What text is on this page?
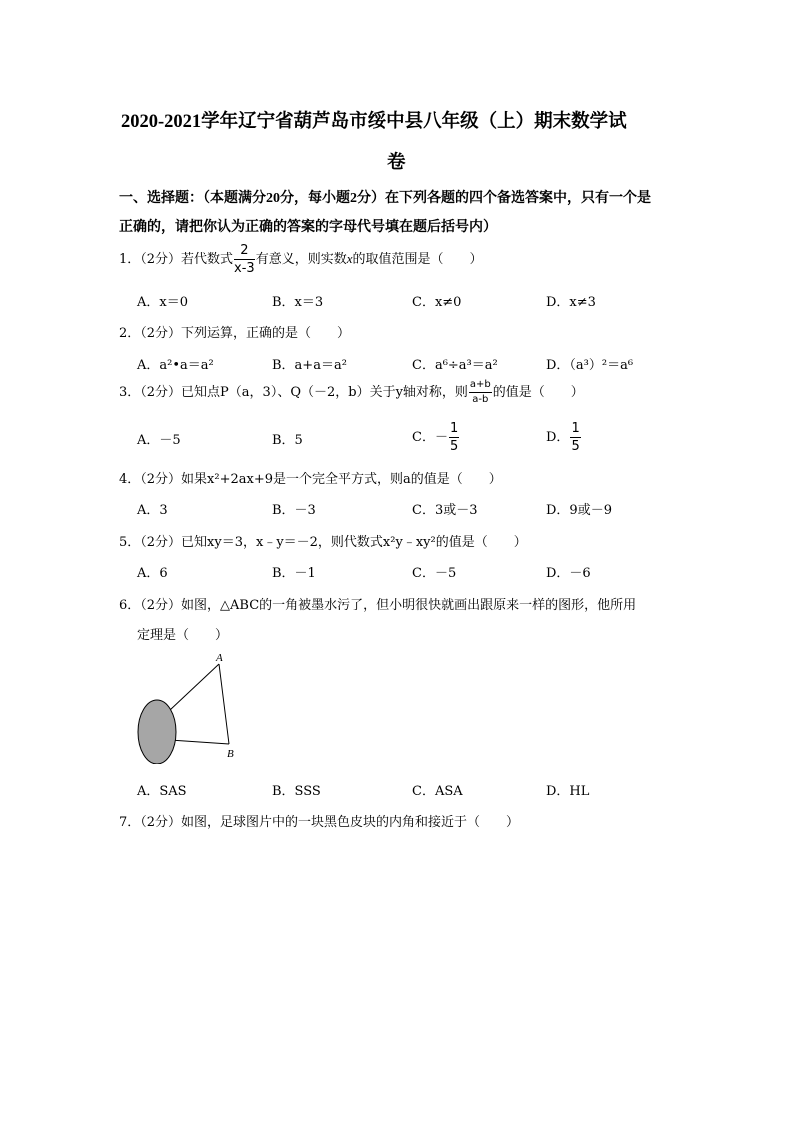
2020-2021学年辽宁省葫芦岛市绥中县八年级（上）期末数学试
卷
一、选择题：（本题满分20分，每小题2分）在下列各题的四个备选答案中，只有一个是
正确的，请把你认为正确的答案的字母代号填在题后括号内）
1．（2分）若代数式 $\frac{2}{x-3}$ 有意义，则实数x的取值范围是（　　）
A．x＝0	B．x＝3	C．x≠0	D．x≠3
2．（2分）下列运算，正确的是（　　）
A．a²•a＝a²	B．a+a＝a²	C．a⁶÷a³＝a²	D．（a³）²＝a⁶
3．（2分）已知点P（a，3）、Q（－2，b）关于y轴对称，则 $\frac{a+b}{a-b}$ 的值是（　　）
A．－5	B．5	C．－ $\frac{1}{5}$	D． $\frac{1}{5}$
4．（2分）如果x²+2ax+9是一个完全平方式，则a的值是（　　）
A．3	B．－3	C．3或－3	D．9或－9
5．（2分）已知xy＝3，x﹣y＝－2，则代数式x²y﹣xy²的值是（　　）
A．6	B．－1	C．－5	D．－6
6．（2分）如图，△ABC的一角被墨水污了，但小明很快就画出跟原来一样的图形，他所用
定理是（　　）
A
B
A．SAS	B．SSS	C．ASA	D．HL
7．（2分）如图，足球图片中的一块黑色皮块的内角和接近于（　　）
